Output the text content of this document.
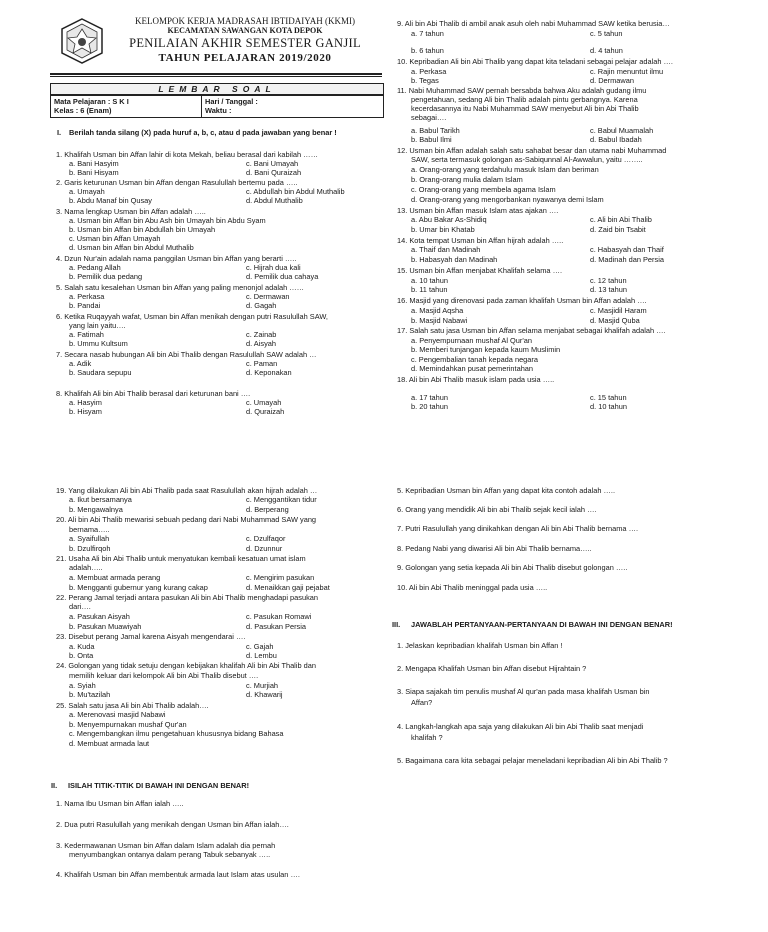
KELOMPOK KERJA MADRASAH IBTIDAIYAH (KKMI)
KECAMATAN SAWANGAN KOTA DEPOK
PENILAIAN AKHIR SEMESTER GANJIL
TAHUN PELAJARAN 2019/2020
LEMBAR SOAL
Mata Pelajaran : S K I
Kelas : 6 (Enam)
Hari / Tanggal :
Waktu :
I. Berilah tanda silang (X) pada huruf a, b, c, atau d pada jawaban yang benar !
1. Khalifah Usman bin Affan lahir di kota Mekah, beliau berasal dari kabilah ……
a. Bani Hasyim	c. Bani Umayah
b. Bani Hisyam	d. Bani Quraizah
2. Garis keturunan Usman bin Affan dengan Rasulullah bertemu pada …..
a. Umayah	c. Abdullah bin Abdul Muthalib
b. Abdu Manaf bin Qusay	d. Abdul Muthalib
3. Nama lengkap Usman bin Affan adalah …..
a. Usman bin Affan bin Abu Ash bin Umayah bin Abdu Syam
b. Usman bin Affan bin Abdullah bin Umayah
c. Usman bin Affan Umayah
d. Usman bin Affan bin Abdul Muthalib
4. Dzun Nur'ain adalah nama panggilan Usman bin Affan yang berarti …..
a. Pedang Allah	c. Hijrah dua kali
b. Pemilik dua pedang	d. Pemilik dua cahaya
5. Salah satu kesalehan Usman bin Affan yang paling menonjol adalah ……
a. Perkasa	c. Dermawan
b. Pandai	d. Gagah
6. Ketika Ruqayyah wafat, Usman bin Affan menikah dengan putri Rasulullah SAW,
yang lain yaitu….
a. Fatimah	c. Zainab
b. Ummu Kultsum	d. Aisyah
7. Secara nasab hubungan Ali bin Abi Thalib dengan Rasulullah SAW adalah …
a. Adik	c. Paman
b. Saudara sepupu	d. Keponakan
8. Khalifah Ali bin Abi Thalib berasal dari keturunan bani ….
a. Hasyim	c. Umayah
b. Hisyam	d. Quraizah
9. Ali bin Abi Thalib di ambil anak asuh oleh nabi Muhammad SAW ketika berusia…
a. 7 tahun	c. 5 tahun
b. 6 tahun	d. 4 tahun
10. Kepribadian Ali bin Abi Thalib yang dapat kita teladani sebagai pelajar adalah ….
a. Perkasa	c. Rajin menuntut ilmu
b. Tegas	d. Dermawan
11. Nabi Muhammad SAW pernah bersabda bahwa Aku adalah gudang ilmu
pengetahuan, sedang Ali bin Thalib adalah pintu gerbangnya. Karena
kecerdasannya itu Nabi Muhammad SAW menyebut Ali bin Abi Thalib
sebagai….
a. Babul Tarikh	c. Babul Muamalah
b. Babul Ilmi	d. Babul Ibadah
12. Usman bin Affan adalah salah satu sahabat besar dan utama nabi Muhammad
SAW, serta termasuk golongan as-Sabiqunnal Al-Awwalun, yaitu ……..
a. Orang-orang yang terdahulu masuk Islam dan beriman
b. Orang-orang mulia dalam Islam
c. Orang-orang yang membela agama Islam
d. Orang-orang yang mengorbankan nyawanya demi Islam
13. Usman bin Affan masuk Islam atas ajakan ….
a. Abu Bakar As-Shidiq	c. Ali bin Abi Thalib
b. Umar bin Khatab	d. Zaid bin Tsabit
14. Kota tempat Usman bin Affan hijrah adalah …..
a. Thaif dan Madinah	c. Habasyah dan Thaif
b. Habasyah dan Madinah	d. Madinah dan Persia
15. Usman bin Affan menjabat Khalifah selama ….
a. 10 tahun	c. 12 tahun
b. 11 tahun	d. 13 tahun
16. Masjid yang direnovasi pada zaman khalifah Usman bin Affan adalah ….
a. Masjid Aqsha	c. Masjidil Haram
b. Masjid Nabawi	d. Masjid Quba
17. Salah satu jasa Usman bin Affan selama menjabat sebagai khalifah adalah ….
a. Penyempurnaan mushaf Al Qur'an
b. Memberi tunjangan kepada kaum Muslimin
c. Pengembalian tanah kepada negara
d. Memindahkan pusat pemerintahan
18. Ali bin Abi Thalib masuk islam pada usia …..
a. 17 tahun	c. 15 tahun
b. 20 tahun	d. 10 tahun
19. Yang dilakukan Ali bin Abi Thalib pada saat Rasulullah akan hijrah adalah …
a. Ikut bersamanya	c. Menggantikan tidur
b. Mengawalnya	d. Berperang
20. Ali bin Abi Thalib mewarisi sebuah pedang dari Nabi Muhammad SAW yang
bernama…..
a. Syaifullah	c. Dzulfaqor
b. Dzulfirqoh	d. Dzunnur
21. Usaha Ali bin Abi Thalib untuk menyatukan kembali kesatuan umat islam
adalah…..
a. Membuat armada perang	c. Mengirim pasukan
b. Mengganti gubernur yang kurang cakap	d. Menaikkan gaji pejabat
22. Perang Jamal terjadi antara pasukan Ali bin Abi Thalib menghadapi pasukan
dari….
a. Pasukan Aisyah	c. Pasukan Romawi
b. Pasukan Muawiyah	d. Pasukan Persia
23. Disebut perang Jamal karena Aisyah mengendarai ….
a. Kuda	c. Gajah
b. Onta	d. Lembu
24. Golongan yang tidak setuju dengan kebijakan khalifah Ali bin Abi Thalib dan
memilih keluar dari kelompok Ali bin Abi Thalib disebut ….
a. Syiah	c. Murjiah
b. Mu'tazilah	d. Khawarij
25. Salah satu jasa Ali bin Abi Thalib adalah….
a. Merenovasi masjid Nabawi
b. Menyempurnakan mushaf Qur'an
c. Mengembangkan ilmu pengetahuan khususnya bidang Bahasa
d. Membuat armada laut
II. ISILAH TITIK-TITIK DI BAWAH INI DENGAN BENAR!
1. Nama Ibu Usman bin Affan ialah …..
2. Dua putri Rasulullah yang menikah dengan Usman bin Affan ialah….
3. Kedermawanan Usman bin Affan dalam Islam adalah dia pernah
menyumbangkan ontanya dalam perang Tabuk sebanyak …..
4. Khalifah Usman bin Affan membentuk armada laut Islam atas usulan ….
5. Kepribadian Usman bin Affan yang dapat kita contoh adalah …..
6. Orang yang mendidik Ali bin abi Thalib sejak kecil ialah ….
7. Putri Rasulullah yang dinikahkan dengan Ali bin Abi Thalib bernama ….
8. Pedang Nabi yang diwarisi Ali bin Abi Thalib bernama…..
9. Golongan yang setia kepada Ali bin Abi Thalib disebut golongan …..
10. Ali bin Abi Thalib meninggal pada usia …..
III. JAWABLAH PERTANYAAN-PERTANYAAN DI BAWAH INI DENGAN BENAR!
1. Jelaskan kepribadian khalifah Usman bin Affan !
2. Mengapa Khalifah Usman bin Affan disebut Hijrahtain ?
3. Siapa sajakah tim penulis mushaf Al qur'an pada masa khalifah Usman bin
Affan?
4. Langkah-langkah apa saja yang dilakukan Ali bin Abi Thalib saat menjadi
khalifah ?
5. Bagaimana cara kita sebagai pelajar meneladani kepribadian Ali bin Abi Thalib ?
